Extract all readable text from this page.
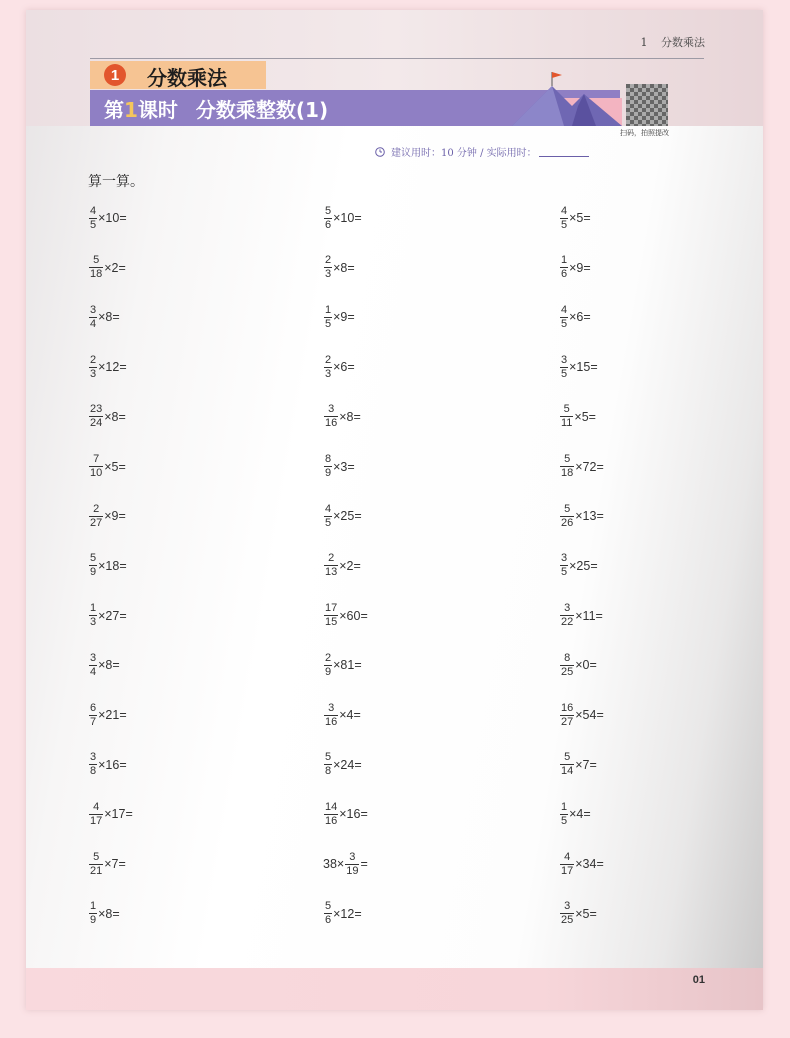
1 分数乘法
1	分数乘法
第1课时 分数乘整数(1)
扫码，拍照提改
建议用时：10 分钟 / 实际用时：
算一算。
$\frac{4}{5} \times 10=$
$\frac{5}{18} \times 2=$
$\frac{3}{4} \times 8=$
$\frac{2}{3} \times 12=$
$\frac{23}{24} \times 8=$
$\frac{7}{10} \times 5=$
$\frac{2}{27} \times 9=$
$\frac{5}{9} \times 18=$
$\frac{1}{3} \times 27=$
$\frac{3}{4} \times 8=$
$\frac{6}{7} \times 21=$
$\frac{3}{8} \times 16=$
$\frac{4}{17} \times 17=$
$\frac{5}{21} \times 7=$
$\frac{1}{9} \times 8=$
$\frac{5}{6} \times 10=$
$\frac{2}{3} \times 8=$
$\frac{1}{5} \times 9=$
$\frac{2}{3} \times 6=$
$\frac{3}{16} \times 8=$
$\frac{8}{9} \times 3=$
$\frac{4}{5} \times 25=$
$\frac{2}{13} \times 2=$
$\frac{17}{15} \times 60=$
$\frac{2}{9} \times 81=$
$\frac{3}{16} \times 4=$
$\frac{5}{8} \times 24=$
$\frac{14}{16} \times 16=$
$38\times \frac{3}{19}$ =
$\frac{5}{6} \times 12=$
$\frac{4}{5} \times 5=$
$\frac{1}{6} \times 9=$
$\frac{4}{5} \times 6=$
$\frac{3}{5} \times 15=$
$\frac{5}{11} \times 5=$
$\frac{5}{18} \times 72=$
$\frac{5}{26} \times 13=$
$\frac{3}{5} \times 25=$
$\frac{3}{22} \times 11=$
$\frac{8}{25} \times 0=$
$\frac{16}{27} \times 54=$
$\frac{5}{14} \times 7=$
$\frac{1}{5} \times 4=$
$\frac{4}{17} \times 34=$
$\frac{3}{25} \times 5=$
01
